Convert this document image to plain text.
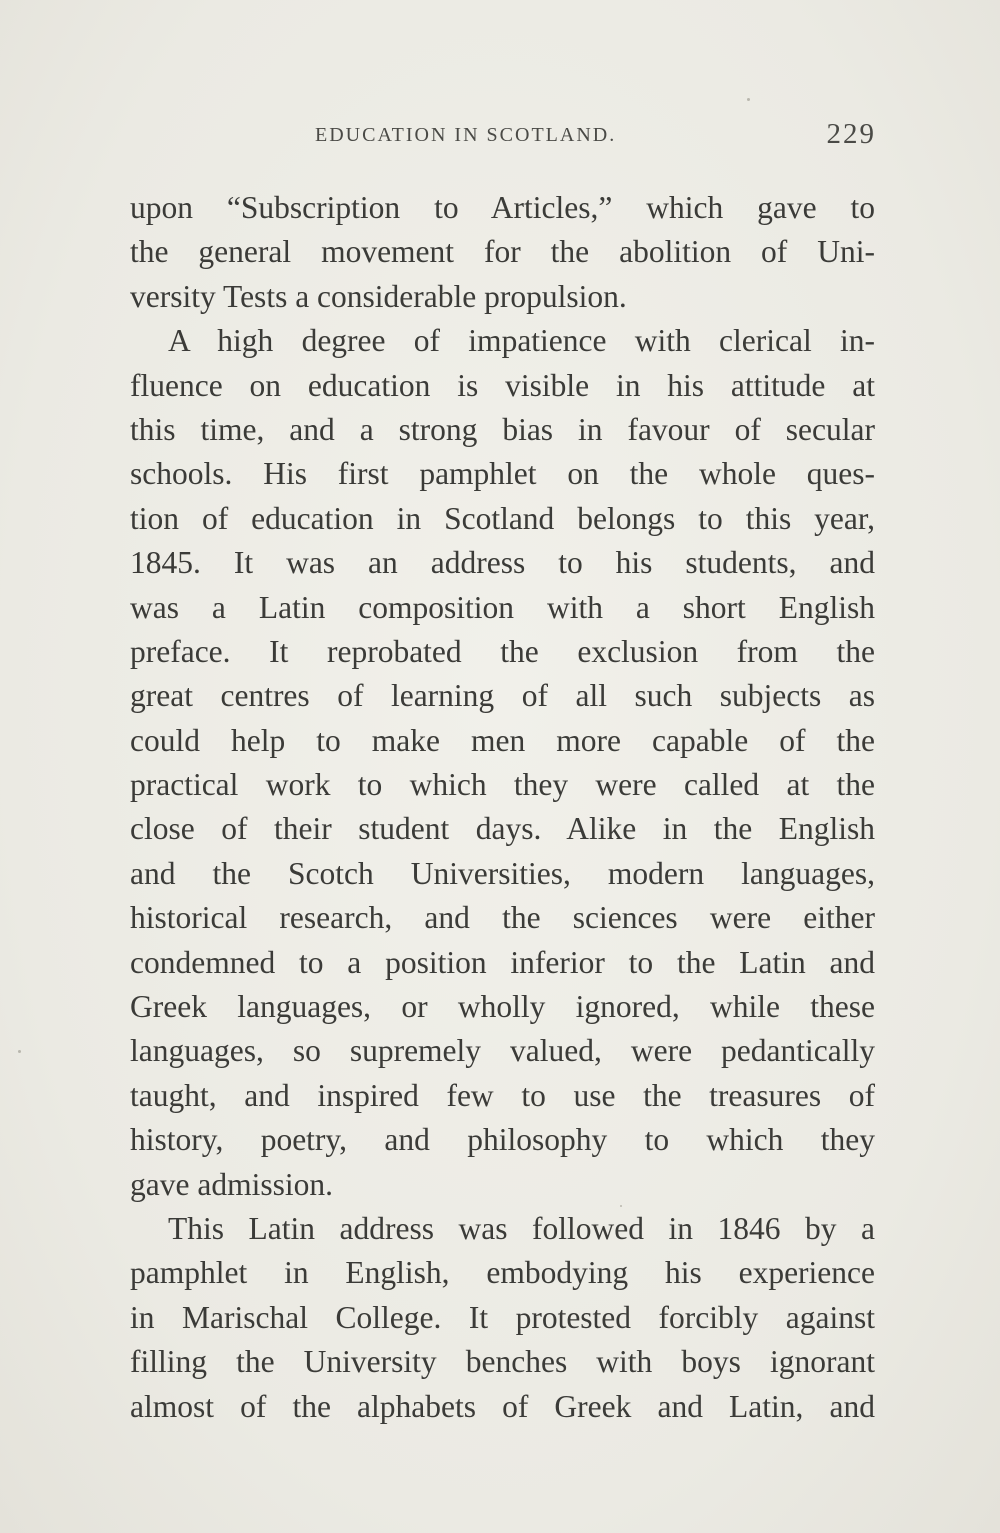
EDUCATION IN SCOTLAND.	229
upon “Subscription to Articles,” which gave to
the general movement for the abolition of Uni-
versity Tests a considerable propulsion.
A high degree of impatience with clerical in-
fluence on education is visible in his attitude at
this time, and a strong bias in favour of secular
schools. His first pamphlet on the whole ques-
tion of education in Scotland belongs to this year,
1845. It was an address to his students, and
was a Latin composition with a short English
preface. It reprobated the exclusion from the
great centres of learning of all such subjects as
could help to make men more capable of the
practical work to which they were called at the
close of their student days. Alike in the English
and the Scotch Universities, modern languages,
historical research, and the sciences were either
condemned to a position inferior to the Latin and
Greek languages, or wholly ignored, while these
languages, so supremely valued, were pedantically
taught, and inspired few to use the treasures of
history, poetry, and philosophy to which they
gave admission.
This Latin address was followed in 1846 by a
pamphlet in English, embodying his experience
in Marischal College. It protested forcibly against
filling the University benches with boys ignorant
almost of the alphabets of Greek and Latin, and
